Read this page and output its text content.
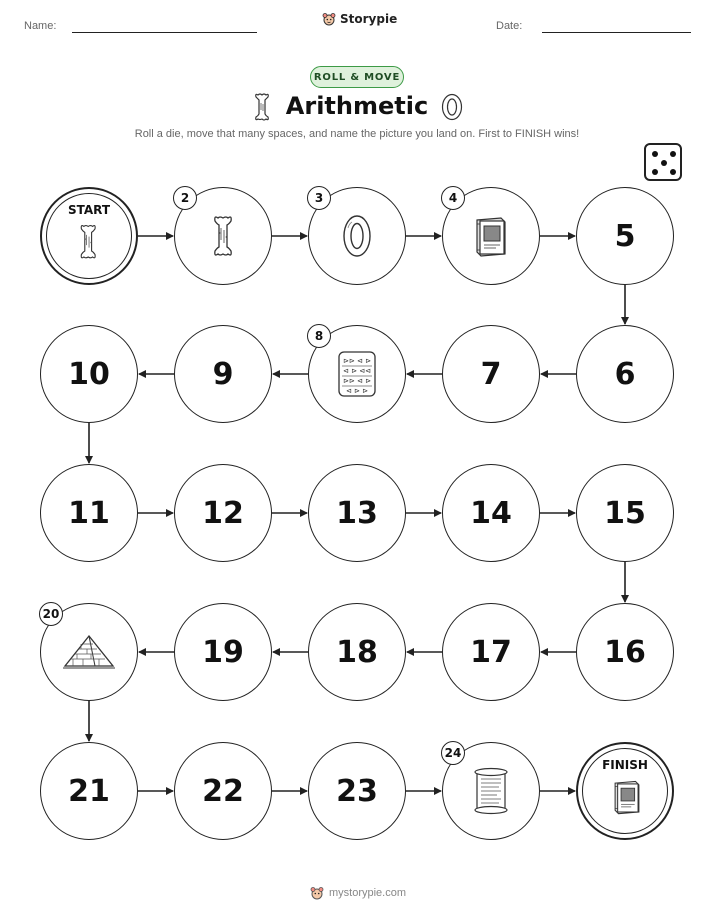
Name:	Storypie	Date:
ROLL & MOVE
Arithmetic
Roll a die, move that many spaces, and name the picture you land on. First to FINISH wins!
START
2	3	4
5
6
7
⊳⊳ ⊲ ⊳
⊲ ⊳ ⊲⊲
⊳⊳ ⊲ ⊳
⊲ ⊳ ⊳
8
9
10
11	12	13	14	15
16
17
18
19
20
21	22	23
24
FINISH
mystorypie.com
